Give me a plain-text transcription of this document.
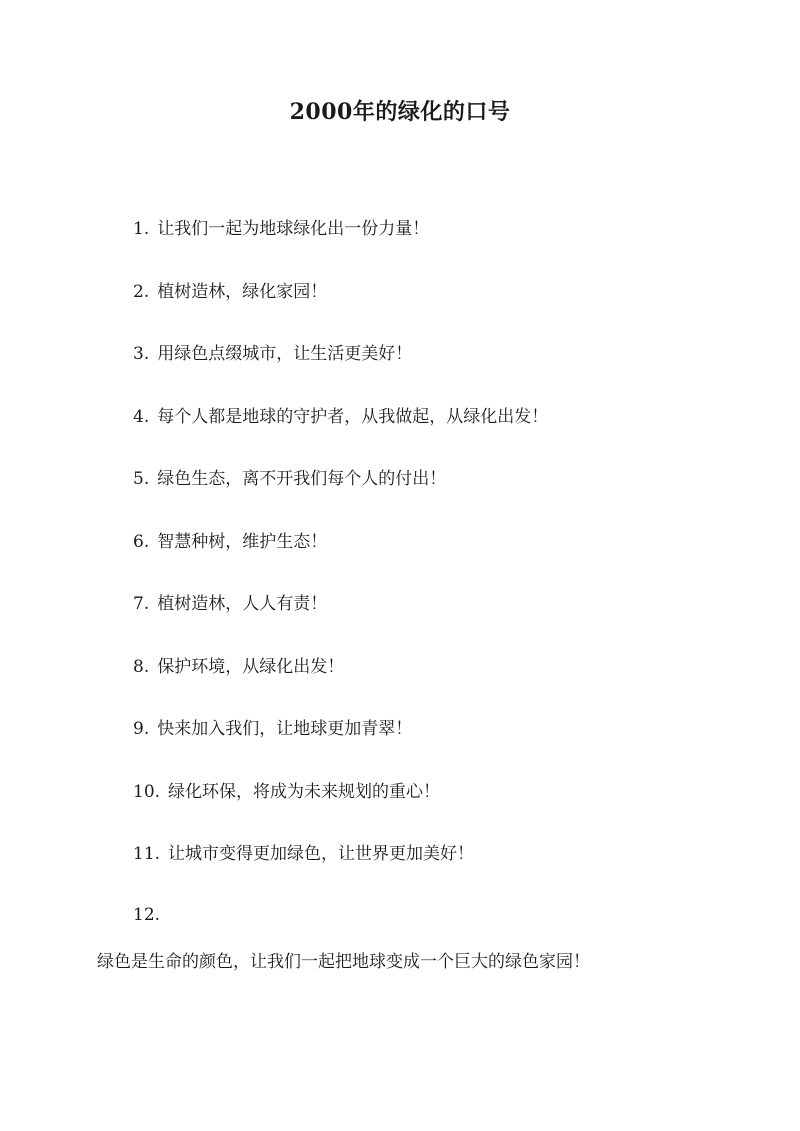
2000年的绿化的口号
1. 让我们一起为地球绿化出一份力量！
2. 植树造林，绿化家园！
3. 用绿色点缀城市，让生活更美好！
4. 每个人都是地球的守护者，从我做起，从绿化出发！
5. 绿色生态，离不开我们每个人的付出！
6. 智慧种树，维护生态！
7. 植树造林，人人有责！
8. 保护环境，从绿化出发！
9. 快来加入我们，让地球更加青翠！
10. 绿化环保，将成为未来规划的重心！
11. 让城市变得更加绿色，让世界更加美好！
12.
绿色是生命的颜色，让我们一起把地球变成一个巨大的绿色家园！
